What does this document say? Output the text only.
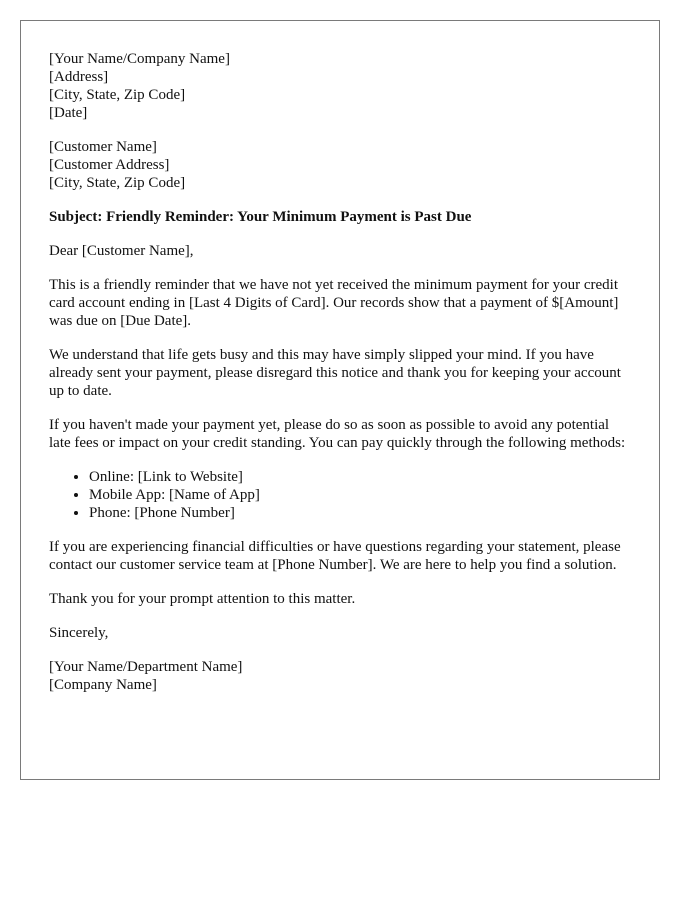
[Your Name/Company Name]
[Address]
[City, State, Zip Code]
[Date]
[Customer Name]
[Customer Address]
[City, State, Zip Code]
Subject: Friendly Reminder: Your Minimum Payment is Past Due
Dear [Customer Name],
This is a friendly reminder that we have not yet received the minimum payment for your credit card account ending in [Last 4 Digits of Card]. Our records show that a payment of $[Amount] was due on [Due Date].
We understand that life gets busy and this may have simply slipped your mind. If you have already sent your payment, please disregard this notice and thank you for keeping your account up to date.
If you haven't made your payment yet, please do so as soon as possible to avoid any potential late fees or impact on your credit standing. You can pay quickly through the following methods:
• Online: [Link to Website]
• Mobile App: [Name of App]
• Phone: [Phone Number]
If you are experiencing financial difficulties or have questions regarding your statement, please contact our customer service team at [Phone Number]. We are here to help you find a solution.
Thank you for your prompt attention to this matter.
Sincerely,
[Your Name/Department Name]
[Company Name]
